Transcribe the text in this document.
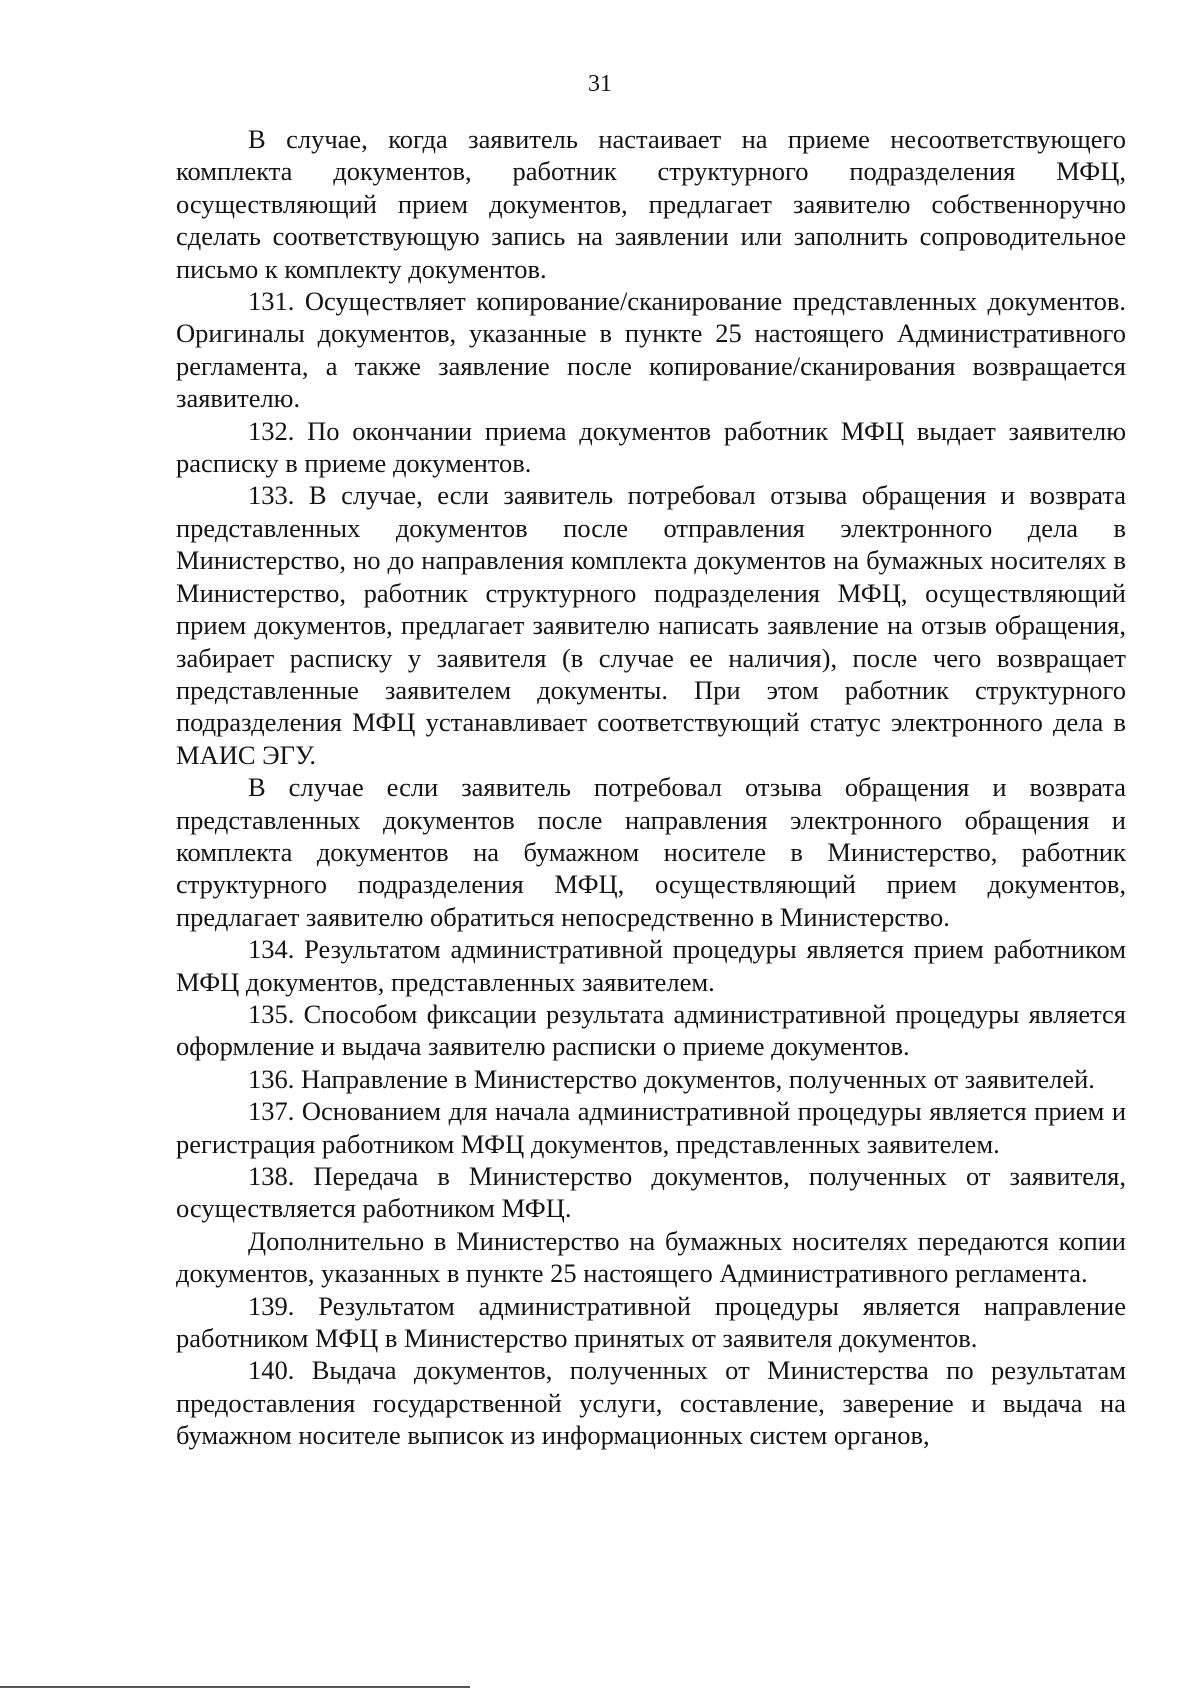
31

В случае, когда заявитель настаивает на приеме несоответствующего комплекта документов, работник структурного подразделения МФЦ, осуществляющий прием документов, предлагает заявителю собственноручно сделать соответствующую запись на заявлении или заполнить сопроводительное письмо к комплекту документов.

131. Осуществляет копирование/сканирование представленных документов. Оригиналы документов, указанные в пункте 25 настоящего Административного регламента, а также заявление после копирование/сканирования возвращается заявителю.

132. По окончании приема документов работник МФЦ выдает заявителю расписку в приеме документов.

133. В случае, если заявитель потребовал отзыва обращения и возврата представленных документов после отправления электронного дела в Министерство, но до направления комплекта документов на бумажных носителях в Министерство, работник структурного подразделения МФЦ, осуществляющий прием документов, предлагает заявителю написать заявление на отзыв обращения, забирает расписку у заявителя (в случае ее наличия), после чего возвращает представленные заявителем документы. При этом работник структурного подразделения МФЦ устанавливает соответствующий статус электронного дела в МАИС ЭГУ.

В случае если заявитель потребовал отзыва обращения и возврата представленных документов после направления электронного обращения и комплекта документов на бумажном носителе в Министерство, работник структурного подразделения МФЦ, осуществляющий прием документов, предлагает заявителю обратиться непосредственно в Министерство.

134. Результатом административной процедуры является прием работником МФЦ документов, представленных заявителем.

135. Способом фиксации результата административной процедуры является оформление и выдача заявителю расписки о приеме документов.

136. Направление в Министерство документов, полученных от заявителей.

137. Основанием для начала административной процедуры является прием и регистрация работником МФЦ документов, представленных заявителем.

138. Передача в Министерство документов, полученных от заявителя, осуществляется работником МФЦ.

Дополнительно в Министерство на бумажных носителях передаются копии документов, указанных в пункте 25 настоящего Административного регламента.

139. Результатом административной процедуры является направление работником МФЦ в Министерство принятых от заявителя документов.

140. Выдача документов, полученных от Министерства по результатам предоставления государственной услуги, составление, заверение и выдача на бумажном носителе выписок из информационных систем органов,
